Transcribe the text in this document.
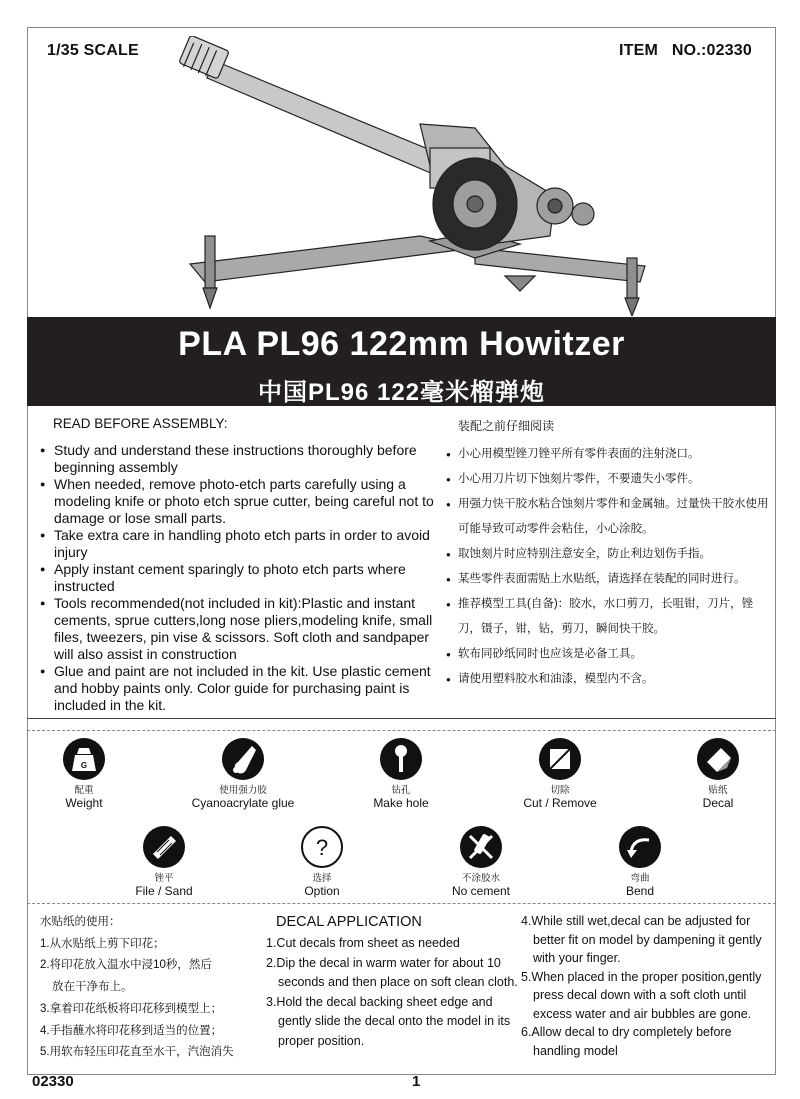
1/35 SCALE	ITEM   NO.:02330
PLA PL96 122mm Howitzer
中国PL96 122毫米榴弹炮
READ BEFORE ASSEMBLY:
● Study and understand these instructions thoroughly before beginning assembly
● When needed, remove photo-etch parts carefully using a modeling knife or photo etch sprue cutter, being careful not to damage or lose small parts.
● Take extra care in handling photo etch parts in order to avoid injury
● Apply instant cement sparingly to photo etch parts where instructed
● Tools recommended(not included in kit):Plastic and instant cements, sprue cutters,long nose pliers,modeling knife, small files, tweezers, pin vise & scissors. Soft cloth and sandpaper will also assist in construction
● Glue and paint are not included in the kit. Use plastic cement and hobby paints only. Color guide for purchasing paint is included in the kit.
装配之前仔细阅读
● 小心用模型锉刀锉平所有零件表面的注射浇口。
● 小心用刀片切下蚀刻片零件，不要遗失小零件。
● 用强力快干胶水粘合蚀刻片零件和金属轴。过量快干胶水使用可能导致可动零件会粘住，小心涂胶。
● 取蚀刻片时应特别注意安全，防止利边划伤手指。
● 某些零件表面需贴上水贴纸，请选择在装配的同时进行。
● 推荐模型工具(自备)：胶水，水口剪刀，长咀钳，刀片，锉刀，镊子，钳，钻，剪刀，瞬间快干胶。
● 软布同砂纸同时也应该是必备工具。
● 请使用塑料胶水和油漆，模型内不含。
G
配重
Weight
使用强力胶
Cyanoacrylate glue
钻孔
Make hole
切除
Cut / Remove
贴纸
Decal
锉平
File / Sand
?
选择
Option
不涂胶水
No cement
弯曲
Bend
水贴纸的使用：
1.从水贴纸上剪下印花；
2.将印花放入温水中浸10秒，然后
放在干净布上。
3.拿着印花纸板将印花移到模型上；
4.手指蘸水将印花移到适当的位置；
5.用软布轻压印花直至水干，汽泡消失
DECAL APPLICATION
1.Cut decals from sheet as needed
2.Dip the decal in warm water for about 10 seconds and then place on soft clean cloth.
3.Hold the decal backing sheet edge and gently slide the decal onto the model in its proper position.
4.While still wet,decal can be adjusted for better fit on model by dampening it gently with your finger.
5.When placed in the proper position,gently press decal down with a soft cloth until excess water and air bubbles are gone.
6.Allow decal to dry completely before handling model
02330	1
